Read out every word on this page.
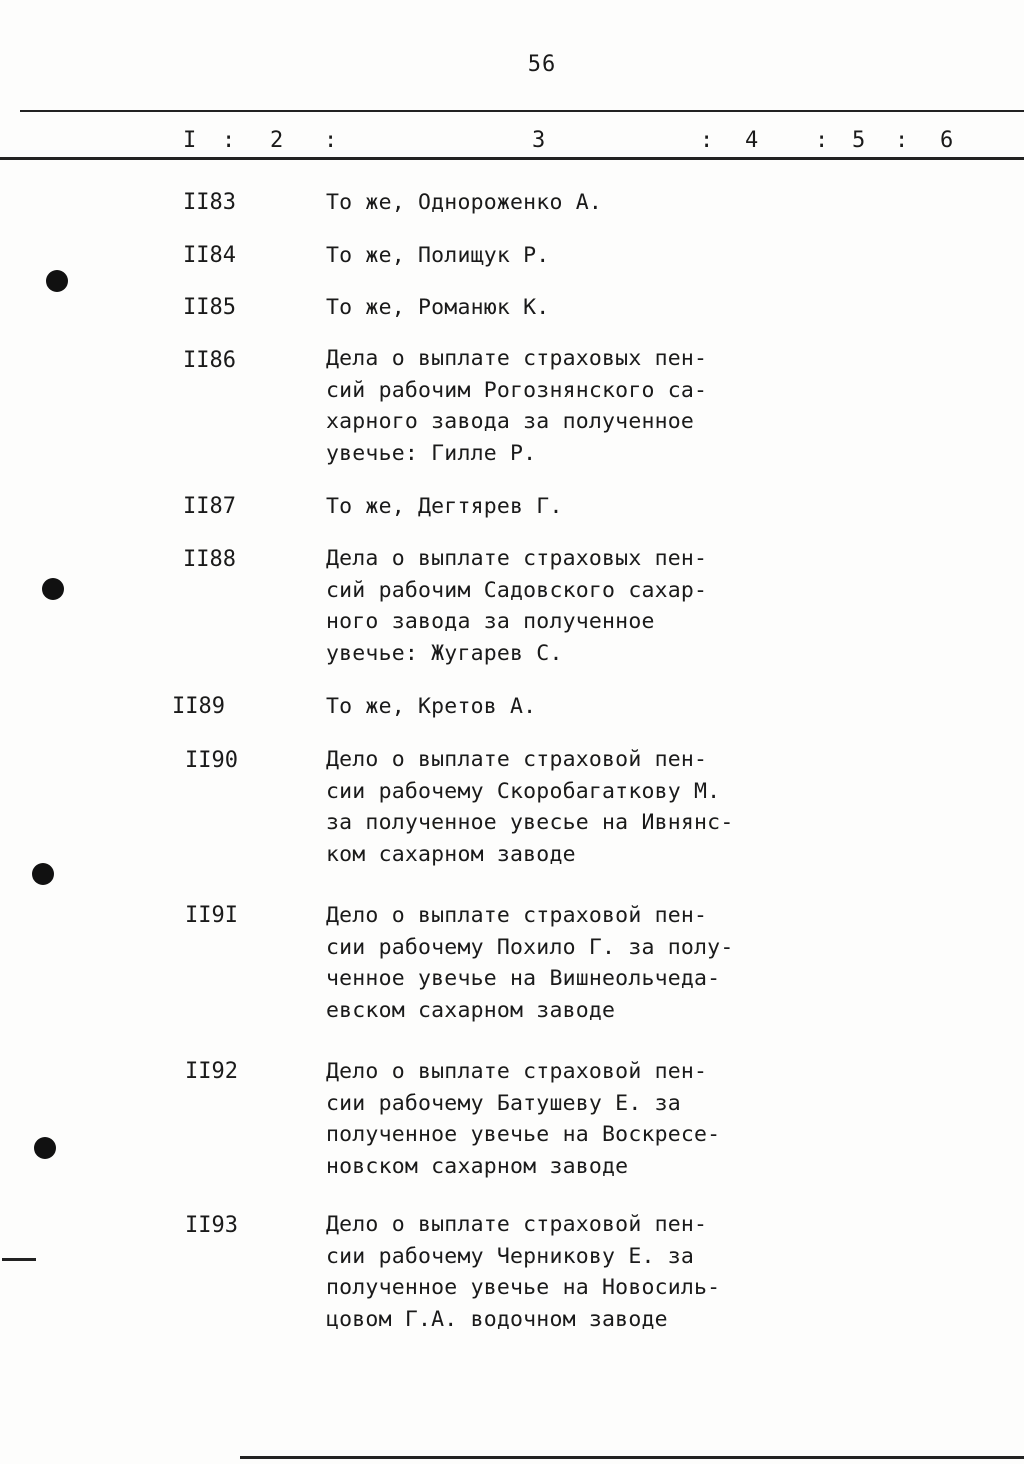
56
I : 2 :	3	: 4	: 5 : 6
II83	То же, Однороженко А.
II84	То же, Полищук Р.
II85	То же, Романюк К.
II86	Дела о выплате страховых пен-
сий рабочим Рогознянского са-
харного завода за полученное
увечье: Гилле Р.
II87	То же, Дегтярев Г.
II88	Дела о выплате страховых пен-
сий рабочим Садовского сахар-
ного завода за полученное
увечье: Жугарев С.
II89	То же, Кретов А.
II90	Дело о выплате страховой пен-
сии рабочему Скоробагаткову М.
за полученное увесье на Ивнянс-
ком сахарном заводе
II9I	Дело о выплате страховой пен-
сии рабочему Похило Г. за полу-
ченное увечье на Вишнеольчеда-
евском сахарном заводе
II92	Дело о выплате страховой пен-
сии рабочему Батушеву Е. за
полученное увечье на Воскресе-
новском сахарном заводе
II93	Дело о выплате страховой пен-
сии рабочему Черникову Е. за
полученное увечье на Новосиль-
цовом Г.А. водочном заводе
